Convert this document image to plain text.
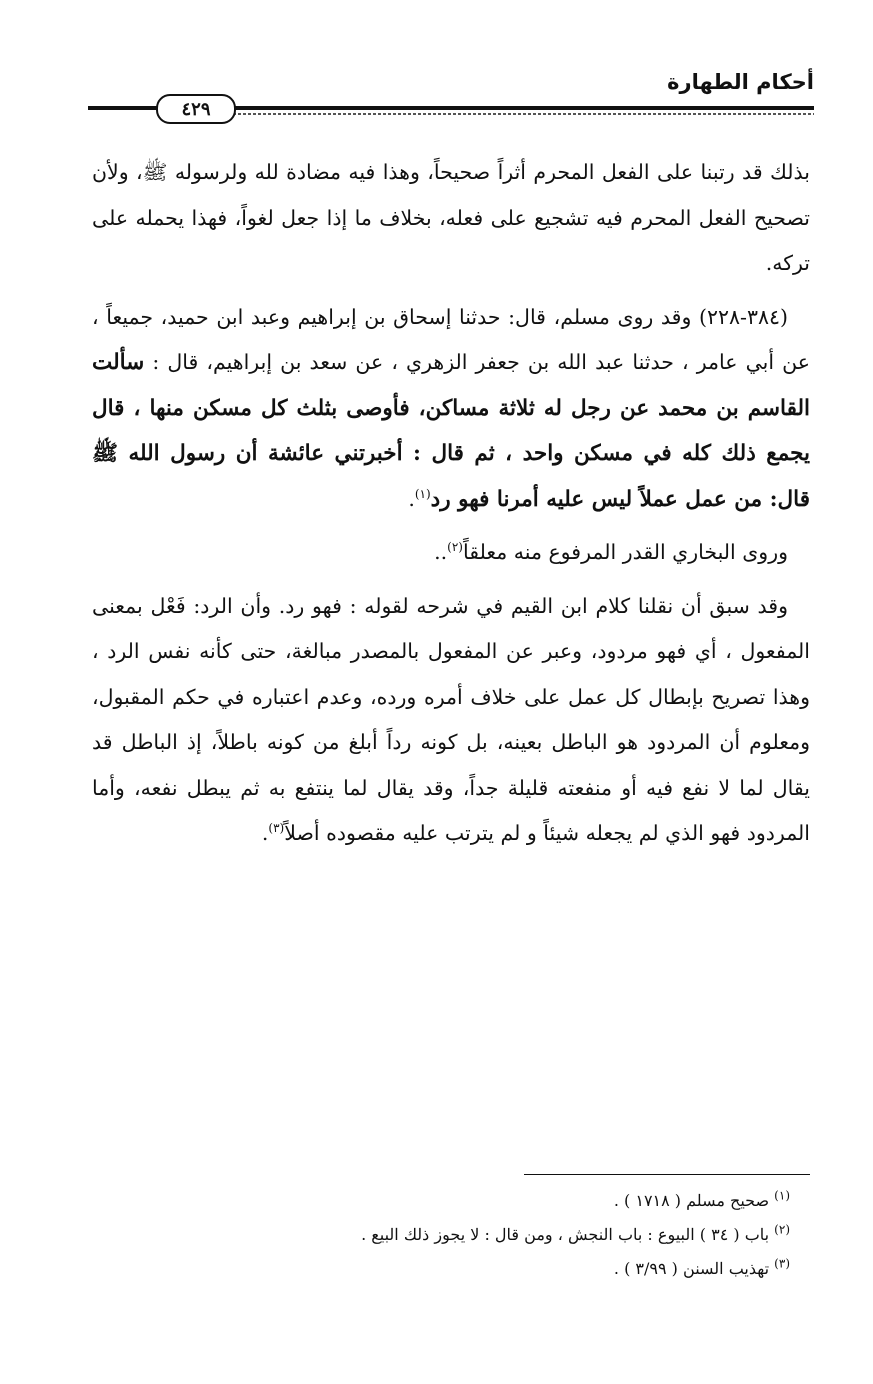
أحكام الطهارة
٤٢٩

بذلك قد رتبنا على الفعل المحرم أثراً صحيحاً، وهذا فيه مضادة لله ولرسوله ﷺ، ولأن تصحيح الفعل المحرم فيه تشجيع على فعله، بخلاف ما إذا جعل لغواً، فهذا يحمله على تركه.

(٣٨٤-٢٢٨) وقد روى مسلم، قال: حدثنا إسحاق بن إبراهيم وعبد ابن حميد، جميعاً ، عن أبي عامر ، حدثنا عبد الله بن جعفر الزهري ، عن سعد بن إبراهيم، قال : سألت القاسم بن محمد عن رجل له ثلاثة مساكن، فأوصى بثلث كل مسكن منها ، قال يجمع ذلك كله في مسكن واحد ، ثم قال : أخبرتني عائشة أن رسول الله ﷺ قال: من عمل عملاً ليس عليه أمرنا فهو رد$^{(١)}$.

وروى البخاري القدر المرفوع منه معلقاً$^{(٢)}$..

وقد سبق أن نقلنا كلام ابن القيم في شرحه لقوله : فهو رد. وأن الرد: فَعْل بمعنى المفعول ، أي فهو مردود، وعبر عن المفعول بالمصدر مبالغة، حتى كأنه نفس الرد ، وهذا تصريح بإبطال كل عمل على خلاف أمره ورده، وعدم اعتباره في حكم المقبول، ومعلوم أن المردود هو الباطل بعينه، بل كونه رداً أبلغ من كونه باطلاً، إذ الباطل قد يقال لما لا نفع فيه أو منفعته قليلة جداً، وقد يقال لما ينتفع به ثم يبطل نفعه، وأما المردود فهو الذي لم يجعله شيئاً و لم يترتب عليه مقصوده أصلاً$^{(٣)}$.

$^{(١)}$ صحيح مسلم ( ١٧١٨ ) .
$^{(٢)}$ باب ( ٣٤ ) البيوع : باب النجش ، ومن قال : لا يجوز ذلك البيع .
$^{(٣)}$ تهذيب السنن ( ٣/٩٩ ) .
